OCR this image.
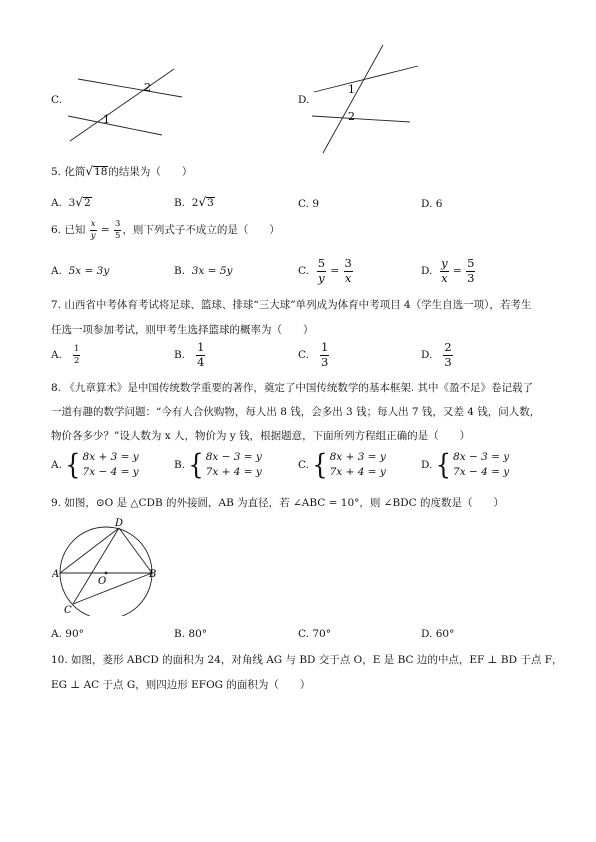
C.
2
1
D.
1
2
5. 化简√18的结果为（　　）
A. 3√2	B. 2√3	C. 9	D. 6
6. 已知 $\frac{x}{y} = \frac{3}{5}$ ，则下列式子不成立的是（　　）
A. 5x = 3y	B. 3x = 5y	C. $\frac{5}{y} = \frac{3}{x}$	D. $\frac{y}{x} = \frac{5}{3}$
7. 山西省中考体育考试将足球、篮球、排球“三大球”单列成为体育中考项目 4（学生自选一项），若考生
任选一项参加考试，则甲考生选择篮球的概率为（　　）
A. $\frac{1}{2}$	B. $\frac{1}{4}$	C. $\frac{1}{3}$	D. $\frac{2}{3}$
8. 《九章算术》是中国传统数学重要的著作，奠定了中国传统数学的基本框架. 其中《盈不足》卷记载了
一道有趣的数学问题：“今有人合伙购物，每人出 8 钱，会多出 3 钱；每人出 7 钱，又差 4 钱，问人数，
物价各多少？”设人数为 x 人，物价为 y 钱，根据题意，下面所列方程组正确的是（　　）
A. { 8x + 3 = y
7x − 4 = y
B. { 8x − 3 = y
7x + 4 = y
C. { 8x + 3 = y
7x + 4 = y
D. { 8x − 3 = y
7x − 4 = y
9. 如图，⊙O 是 △CDB 的外接圆，AB 为直径，若 ∠ABC = 10°，则 ∠BDC 的度数是（　　）
A	B
C
D
O
A. 90°	B. 80°	C. 70°	D. 60°
10. 如图，菱形 ABCD 的面积为 24，对角线 AG 与 BD 交于点 O，E 是 BC 边的中点，EF ⊥ BD 于点 F，
EG ⊥ AC 于点 G，则四边形 EFOG 的面积为（　　）
